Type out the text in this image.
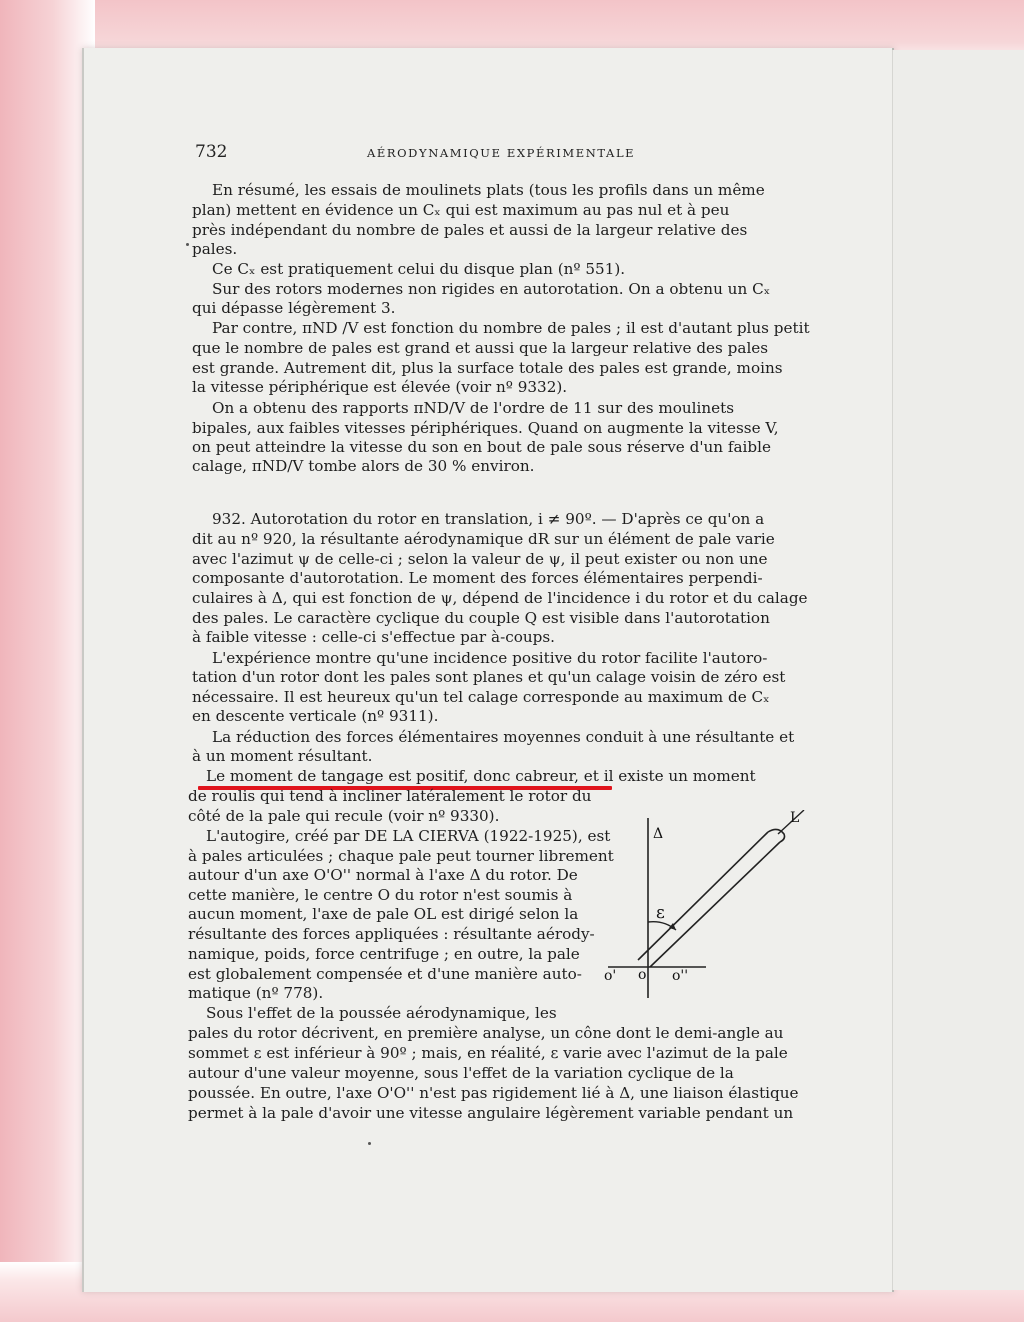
732	AÉRODYNAMIQUE EXPÉRIMENTALE
En résumé, les essais de moulinets plats (tous les profils dans un même
plan) mettent en évidence un Cₓ qui est maximum au pas nul et à peu
près indépendant du nombre de pales et aussi de la largeur relative des
pales.
Ce Cₓ est pratiquement celui du disque plan (nº 551).
Sur des rotors modernes non rigides en autorotation. On a obtenu un Cₓ
qui dépasse légèrement 3.
Par contre, πND /V est fonction du nombre de pales ; il est d'autant plus petit
que le nombre de pales est grand et aussi que la largeur relative des pales
est grande. Autrement dit, plus la surface totale des pales est grande, moins
la vitesse périphérique est élevée (voir nº 9332).
On a obtenu des rapports πND/V de l'ordre de 11 sur des moulinets
bipales, aux faibles vitesses périphériques. Quand on augmente la vitesse V,
on peut atteindre la vitesse du son en bout de pale sous réserve d'un faible
calage, πND/V tombe alors de 30 % environ.
932. Autorotation du rotor en translation, i ≠ 90º. — D'après ce qu'on a
dit au nº 920, la résultante aérodynamique dR sur un élément de pale varie
avec l'azimut ψ de celle-ci ; selon la valeur de ψ, il peut exister ou non une
composante d'autorotation. Le moment des forces élémentaires perpendi-
culaires à Δ, qui est fonction de ψ, dépend de l'incidence i du rotor et du calage
des pales. Le caractère cyclique du couple Q est visible dans l'autorotation
à faible vitesse : celle-ci s'effectue par à-coups.
L'expérience montre qu'une incidence positive du rotor facilite l'autoro-
tation d'un rotor dont les pales sont planes et qu'un calage voisin de zéro est
nécessaire. Il est heureux qu'un tel calage corresponde au maximum de Cₓ
en descente verticale (nº 9311).
La réduction des forces élémentaires moyennes conduit à une résultante et
à un moment résultant.
Le moment de tangage est positif, donc cabreur, et il existe un moment
de roulis qui tend à incliner latéralement le rotor du
côté de la pale qui recule (voir nº 9330).
L'autogire, créé par DE LA CIERVA (1922-1925), est
à pales articulées ; chaque pale peut tourner librement
autour d'un axe O'O'' normal à l'axe Δ du rotor. De
cette manière, le centre O du rotor n'est soumis à
aucun moment, l'axe de pale OL est dirigé selon la
résultante des forces appliquées : résultante aérody-
namique, poids, force centrifuge ; en outre, la pale
est globalement compensée et d'une manière auto-
matique (nº 778).
Sous l'effet de la poussée aérodynamique, les
pales du rotor décrivent, en première analyse, un cône dont le demi-angle au
sommet ε est inférieur à 90º ; mais, en réalité, ε varie avec l'azimut de la pale
autour d'une valeur moyenne, sous l'effet de la variation cyclique de la
poussée. En outre, l'axe O'O'' n'est pas rigidement lié à Δ, une liaison élastique
permet à la pale d'avoir une vitesse angulaire légèrement variable pendant un
Δ
L
ε
o' o o''
